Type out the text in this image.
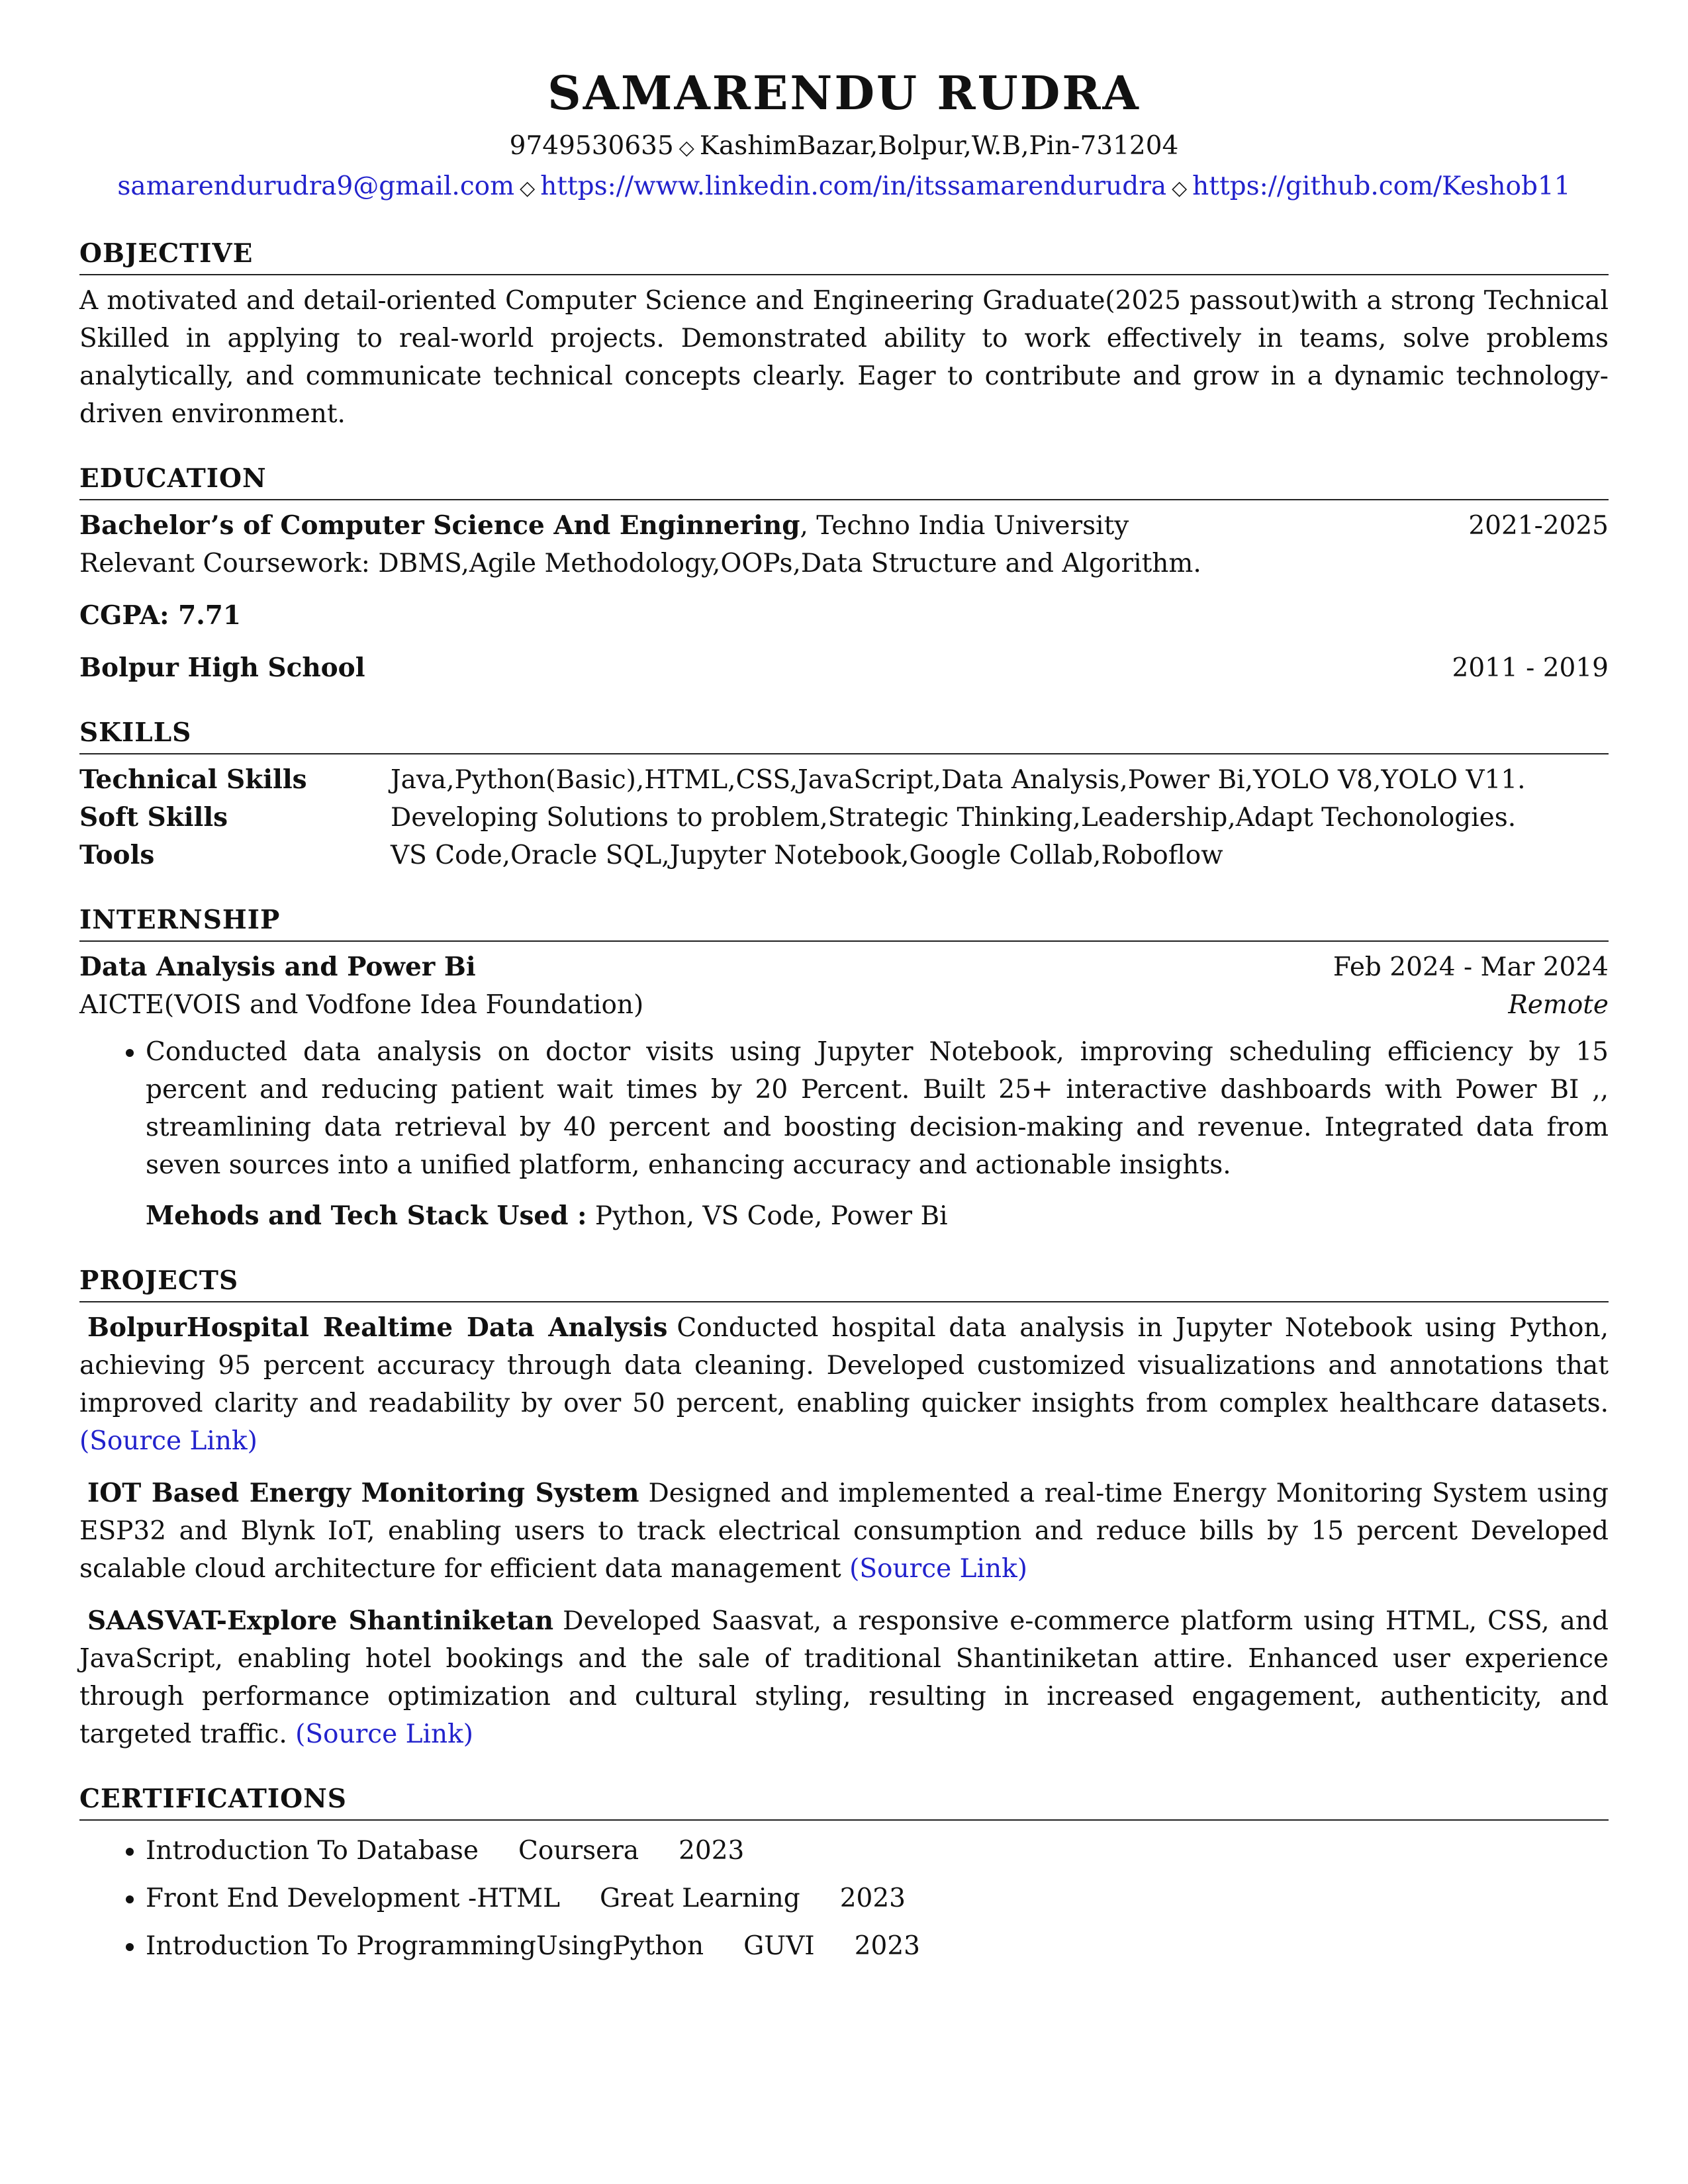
SAMARENDU RUDRA
9749530635 ◇ KashimBazar,Bolpur,W.B,Pin-731204
samarendurudra9@gmail.com ◇ https://www.linkedin.com/in/itssamarendurudra ◇ https://github.com/Keshob11
OBJECTIVE
A motivated and detail-oriented Computer Science and Engineering Graduate(2025 passout)with a strong Technical Skilled in applying to real-world projects. Demonstrated ability to work effectively in teams, solve problems analytically, and communicate technical concepts clearly. Eager to contribute and grow in a dynamic technology-driven environment.
EDUCATION
Bachelor’s of Computer Science And Enginnering, Techno India University	2021-2025
Relevant Coursework: DBMS,Agile Methodology,OOPs,Data Structure and Algorithm.
CGPA: 7.71
Bolpur High School	2011 - 2019
SKILLS
Technical Skills	Java,Python(Basic),HTML,CSS,JavaScript,Data Analysis,Power Bi,YOLO V8,YOLO V11.
Soft Skills	Developing Solutions to problem,Strategic Thinking,Leadership,Adapt Techonologies.
Tools	VS Code,Oracle SQL,Jupyter Notebook,Google Collab,Roboflow
INTERNSHIP
Data Analysis and Power Bi	Feb 2024 - Mar 2024
AICTE(VOIS and Vodfone Idea Foundation)	Remote
• Conducted data analysis on doctor visits using Jupyter Notebook, improving scheduling efficiency by 15 percent and reducing patient wait times by 20 Percent. Built 25+ interactive dashboards with Power BI ,, streamlining data retrieval by 40 percent and boosting decision-making and revenue. Integrated data from seven sources into a unified platform, enhancing accuracy and actionable insights.
Mehods and Tech Stack Used : Python, VS Code, Power Bi
PROJECTS
BolpurHospital Realtime Data Analysis Conducted hospital data analysis in Jupyter Notebook using Python, achieving 95 percent accuracy through data cleaning. Developed customized visualizations and annotations that improved clarity and readability by over 50 percent, enabling quicker insights from complex healthcare datasets. (Source Link)
IOT Based Energy Monitoring System Designed and implemented a real-time Energy Monitoring System using ESP32 and Blynk IoT, enabling users to track electrical consumption and reduce bills by 15 percent Developed scalable cloud architecture for efficient data management (Source Link)
SAASVAT-Explore Shantiniketan Developed Saasvat, a responsive e-commerce platform using HTML, CSS, and JavaScript, enabling hotel bookings and the sale of traditional Shantiniketan attire. Enhanced user experience through performance optimization and cultural styling, resulting in increased engagement, authenticity, and targeted traffic. (Source Link)
CERTIFICATIONS
• Introduction To Database Coursera 2023
• Front End Development -HTML Great Learning 2023
• Introduction To ProgrammingUsingPython GUVI 2023
